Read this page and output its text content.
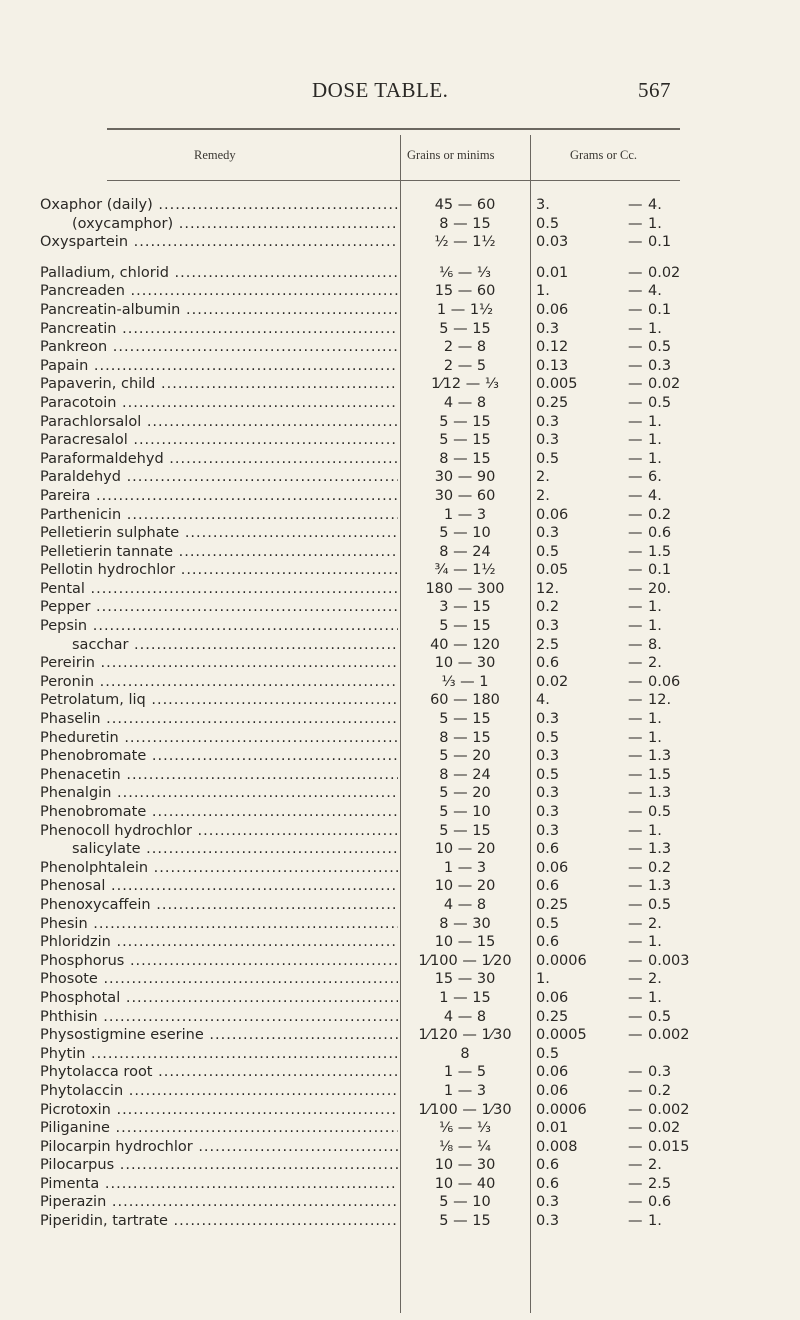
DOSE TABLE.	567
Remedy	Grains or minims	Grams or Cc.
Oxaphor (daily) .....	45 — 60	3.	— 4.
(oxycamphor) .....	8 — 15	0.5	— 1.
Oxyspartein .....	½ — 1½	0.03	— 0.1
Palladium, chlorid .....	⅙ — ⅓	0.01	— 0.02
Pancreaden .....	15 — 60	1.	— 4.
Pancreatin-albumin .....	1 — 1½	0.06	— 0.1
Pancreatin .....	5 — 15	0.3	— 1.
Pankreon .....	2 — 8	0.12	— 0.5
Papain .....	2 — 5	0.13	— 0.3
Papaverin, child .....	1⁄12 — ⅓	0.005	— 0.02
Paracotoin .....	4 — 8	0.25	— 0.5
Parachlorsalol .....	5 — 15	0.3	— 1.
Paracresalol .....	5 — 15	0.3	— 1.
Paraformaldehyd .....	8 — 15	0.5	— 1.
Paraldehyd .....	30 — 90	2.	— 6.
Pareira .....	30 — 60	2.	— 4.
Parthenicin .....	1 — 3	0.06	— 0.2
Pelletierin sulphate .....	5 — 10	0.3	— 0.6
Pelletierin tannate .....	8 — 24	0.5	— 1.5
Pellotin hydrochlor .....	¾ — 1½	0.05	— 0.1
Pental .....	180 — 300	12.	— 20.
Pepper .....	3 — 15	0.2	— 1.
Pepsin .....	5 — 15	0.3	— 1.
sacchar .....	40 — 120	2.5	— 8.
Pereirin .....	10 — 30	0.6	— 2.
Peronin .....	⅓ — 1	0.02	— 0.06
Petrolatum, liq .....	60 — 180	4.	— 12.
Phaselin .....	5 — 15	0.3	— 1.
Pheduretin .....	8 — 15	0.5	— 1.
Phenobromate .....	5 — 20	0.3	— 1.3
Phenacetin .....	8 — 24	0.5	— 1.5
Phenalgin .....	5 — 20	0.3	— 1.3
Phenobromate .....	5 — 10	0.3	— 0.5
Phenocoll hydrochlor .....	5 — 15	0.3	— 1.
salicylate .....	10 — 20	0.6	— 1.3
Phenolphtalein .....	1 — 3	0.06	— 0.2
Phenosal .....	10 — 20	0.6	— 1.3
Phenoxycaffein .....	4 — 8	0.25	— 0.5
Phesin .....	8 — 30	0.5	— 2.
Phloridzin .....	10 — 15	0.6	— 1.
Phosphorus .....	1⁄100 — 1⁄20	0.0006	— 0.003
Phosote .....	15 — 30	1.	— 2.
Phosphotal .....	1 — 15	0.06	— 1.
Phthisin .....	4 — 8	0.25	— 0.5
Physostigmine eserine .....	1⁄120 — 1⁄30	0.0005	— 0.002
Phytin .....	8	0.5
Phytolacca root .....	1 — 5	0.06	— 0.3
Phytolaccin .....	1 — 3	0.06	— 0.2
Picrotoxin .....	1⁄100 — 1⁄30	0.0006	— 0.002
Piliganine .....	⅙ — ⅓	0.01	— 0.02
Pilocarpin hydrochlor .....	⅛ — ¼	0.008	— 0.015
Pilocarpus .....	10 — 30	0.6	— 2.
Pimenta .....	10 — 40	0.6	— 2.5
Piperazin .....	5 — 10	0.3	— 0.6
Piperidin, tartrate .....	5 — 15	0.3	— 1.
